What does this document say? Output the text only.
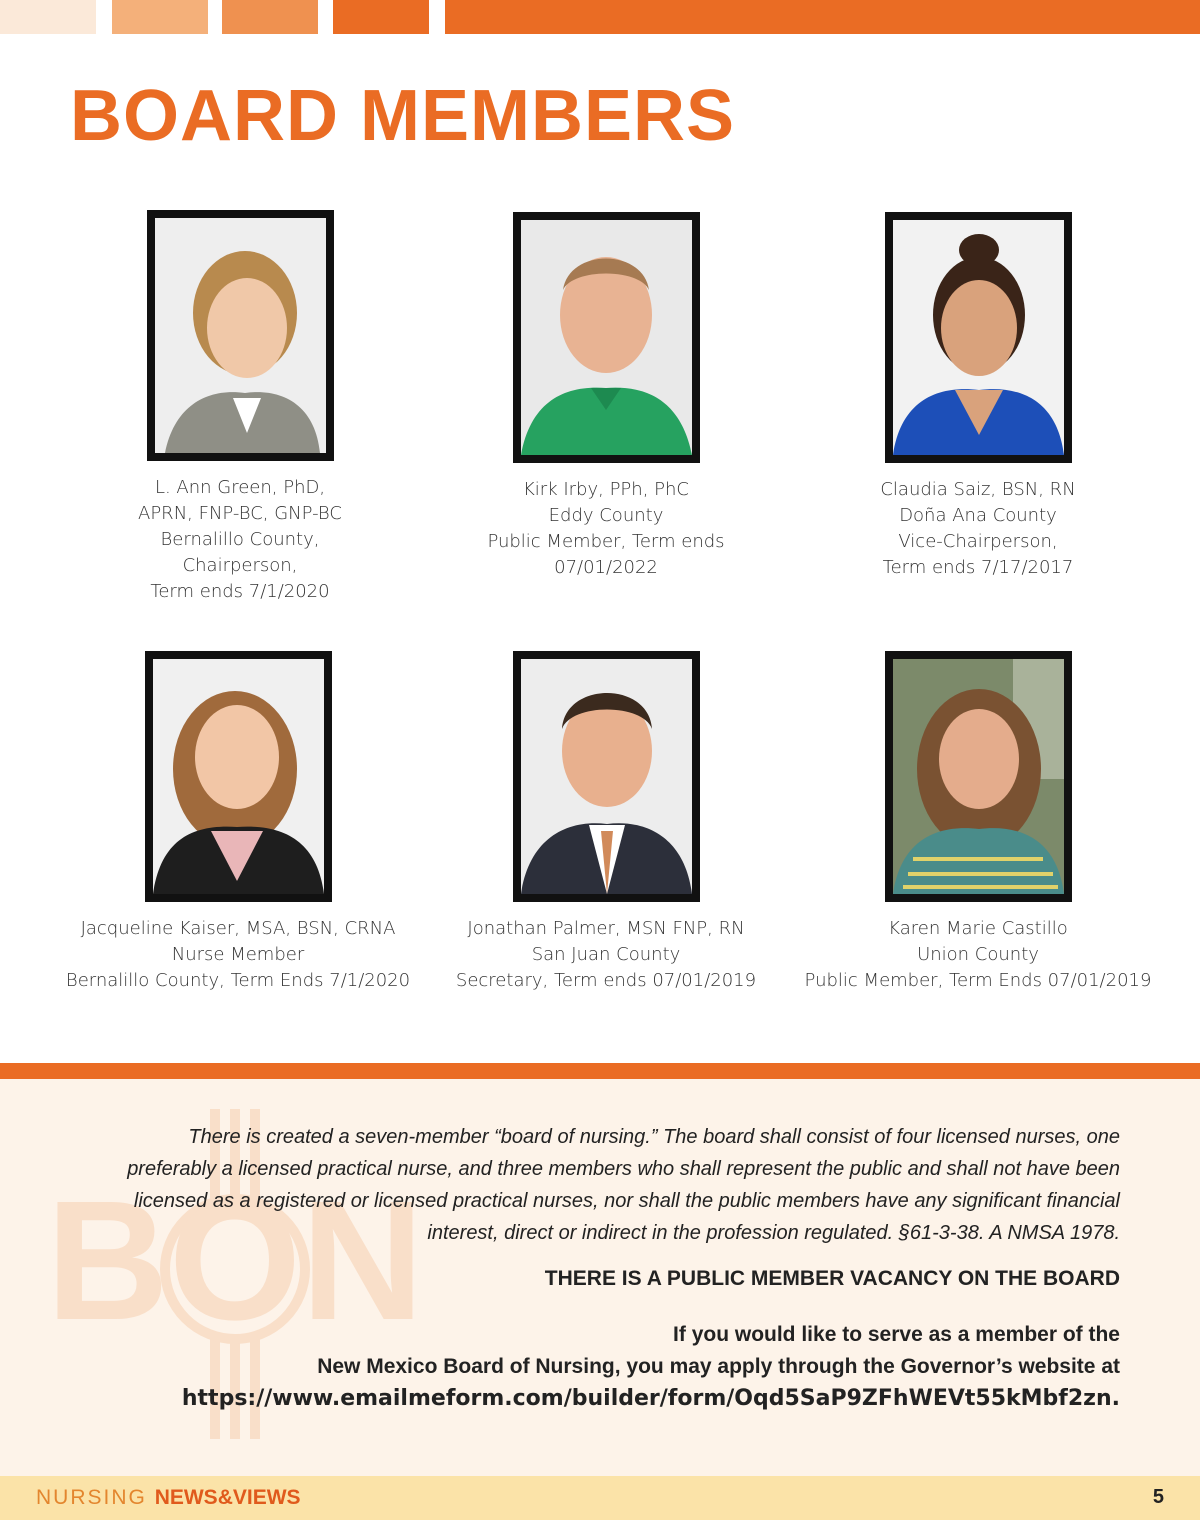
BOARD MEMBERS
L. Ann Green, PhD,
APRN, FNP-BC, GNP-BC
Bernalillo County,
Chairperson,
Term ends 7/1/2020
Kirk Irby, PPh, PhC
Eddy County
Public Member, Term ends
07/01/2022
Claudia Saiz, BSN, RN
Doña Ana County
Vice-Chairperson,
Term ends 7/17/2017
Jacqueline Kaiser, MSA, BSN, CRNA
Nurse Member
Bernalillo County, Term Ends 7/1/2020
Jonathan Palmer, MSN FNP, RN
San Juan County
Secretary, Term ends 07/01/2019
Karen Marie Castillo
Union County
Public Member, Term Ends 07/01/2019
BON

There is created a seven-member “board of nursing.” The board shall consist of four licensed nurses, one preferably a licensed practical nurse, and three members who shall represent the public and shall not have been licensed as a registered or licensed practical nurses, nor shall the public members have any significant financial interest, direct or indirect in the profession regulated. §61-3-38. A NMSA 1978.

THERE IS A PUBLIC MEMBER VACANCY ON THE BOARD

If you would like to serve as a member of the
New Mexico Board of Nursing, you may apply through the Governor’s website at
https://www.emailmeform.com/builder/form/Oqd5SaP9ZFhWEVt55kMbf2zn.

NURSING NEWS&VIEWS	5
